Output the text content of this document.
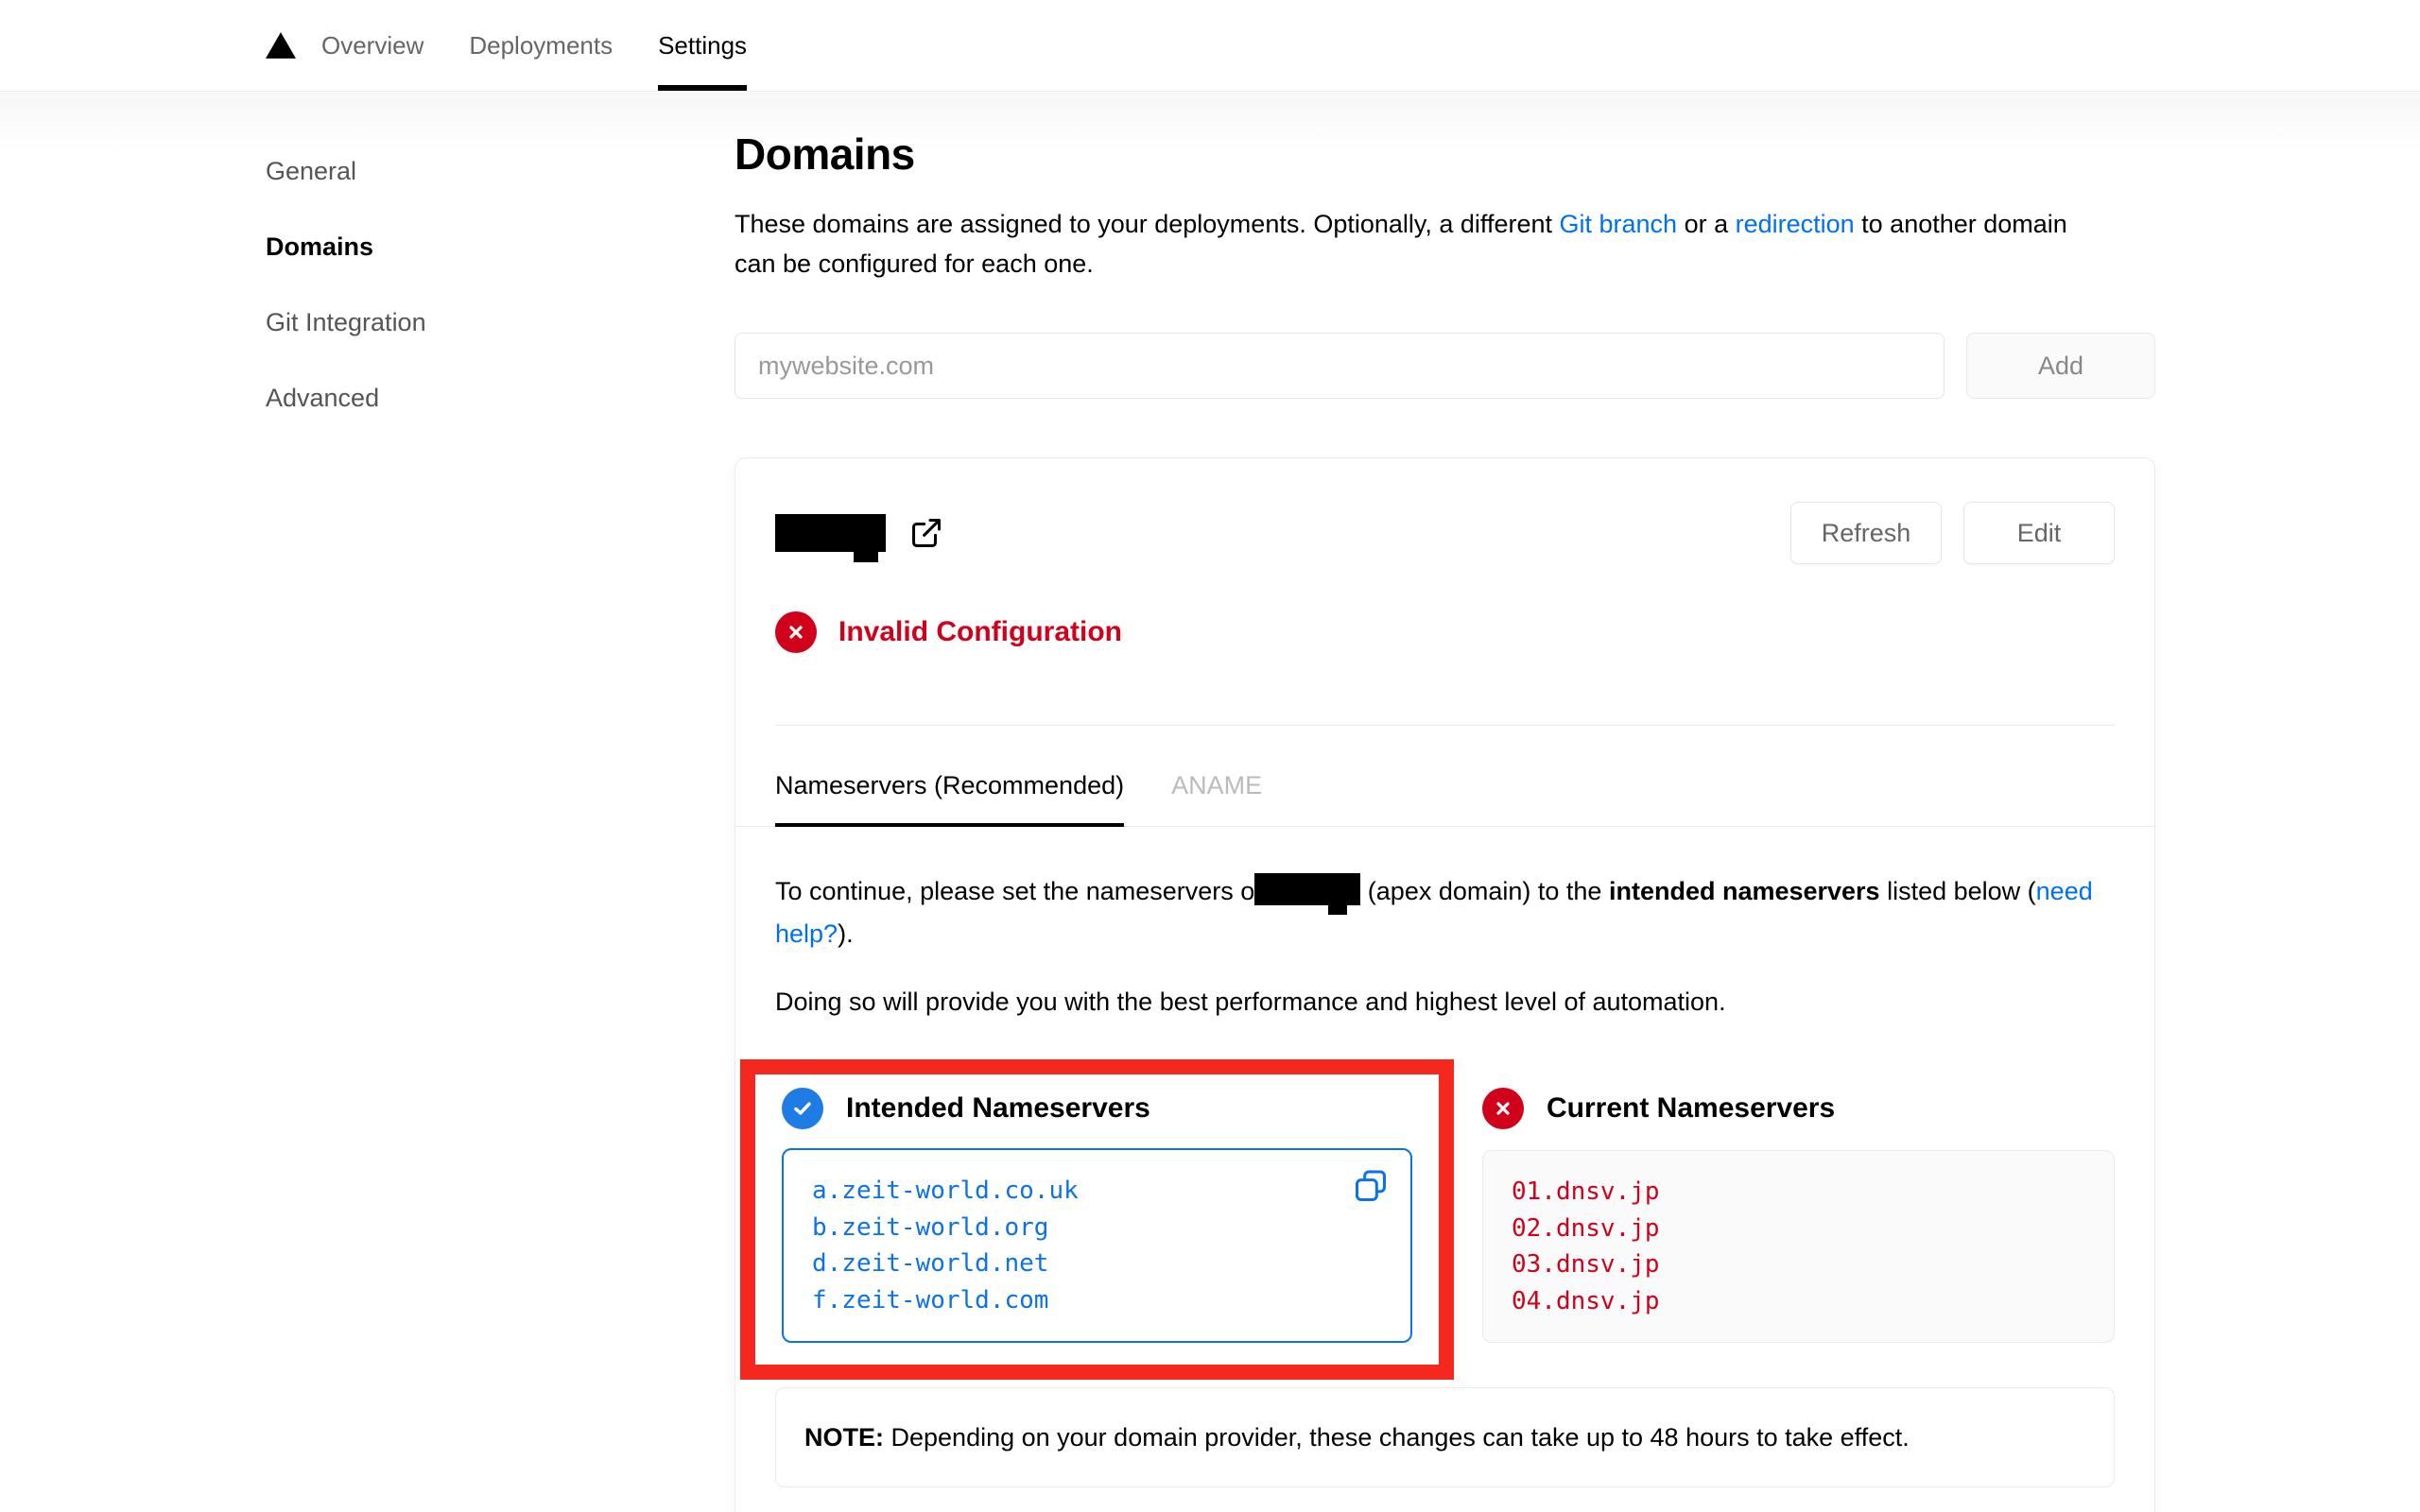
Overview Deployments Settings
General
Domains
Git Integration
Advanced
Domains

These domains are assigned to your deployments. Optionally, a different Git branch or a redirection to another domain can be configured for each one.

mywebsite.com
Add
Refresh	Edit
Invalid Configuration
Nameservers (Recommended) ANAME

To continue, please set the nameservers o	(apex domain) to the intended nameservers listed below (need help?).

Doing so will provide you with the best performance and highest level of automation.

Intended Nameservers
a.zeit-world.co.uk
b.zeit-world.org
d.zeit-world.net
f.zeit-world.com
Current Nameservers
01.dnsv.jp
02.dnsv.jp
03.dnsv.jp
04.dnsv.jp
NOTE: Depending on your domain provider, these changes can take up to 48 hours to take effect.
